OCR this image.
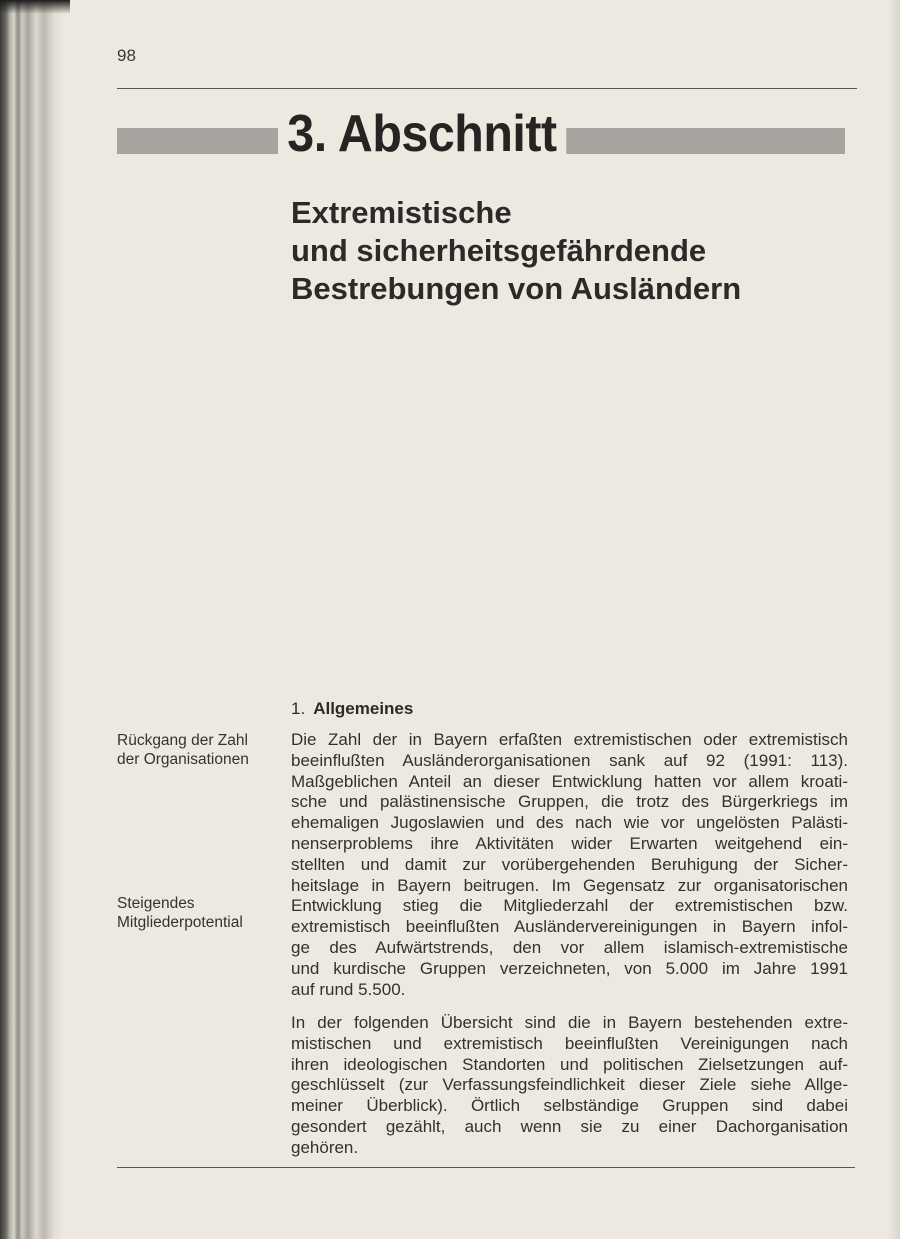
98
3. Abschnitt
Extremistische
und sicherheitsgefährdende
Bestrebungen von Ausländern
1. Allgemeines
Rückgang der Zahl
der Organisationen
Steigendes
Mitgliederpotential
Die Zahl der in Bayern erfaßten extremistischen oder extremistisch
beeinflußten Ausländerorganisationen sank auf 92 (1991: 113).
Maßgeblichen Anteil an dieser Entwicklung hatten vor allem kroati-
sche und palästinensische Gruppen, die trotz des Bürgerkriegs im
ehemaligen Jugoslawien und des nach wie vor ungelösten Palästi-
nenserproblems ihre Aktivitäten wider Erwarten weitgehend ein-
stellten und damit zur vorübergehenden Beruhigung der Sicher-
heitslage in Bayern beitrugen. Im Gegensatz zur organisatorischen
Entwicklung stieg die Mitgliederzahl der extremistischen bzw.
extremistisch beeinflußten Ausländervereinigungen in Bayern infol-
ge des Aufwärtstrends, den vor allem islamisch-extremistische
und kurdische Gruppen verzeichneten, von 5.000 im Jahre 1991
auf rund 5.500.
In der folgenden Übersicht sind die in Bayern bestehenden extre-
mistischen und extremistisch beeinflußten Vereinigungen nach
ihren ideologischen Standorten und politischen Zielsetzungen auf-
geschlüsselt (zur Verfassungsfeindlichkeit dieser Ziele siehe Allge-
meiner Überblick). Örtlich selbständige Gruppen sind dabei
gesondert gezählt, auch wenn sie zu einer Dachorganisation
gehören.
